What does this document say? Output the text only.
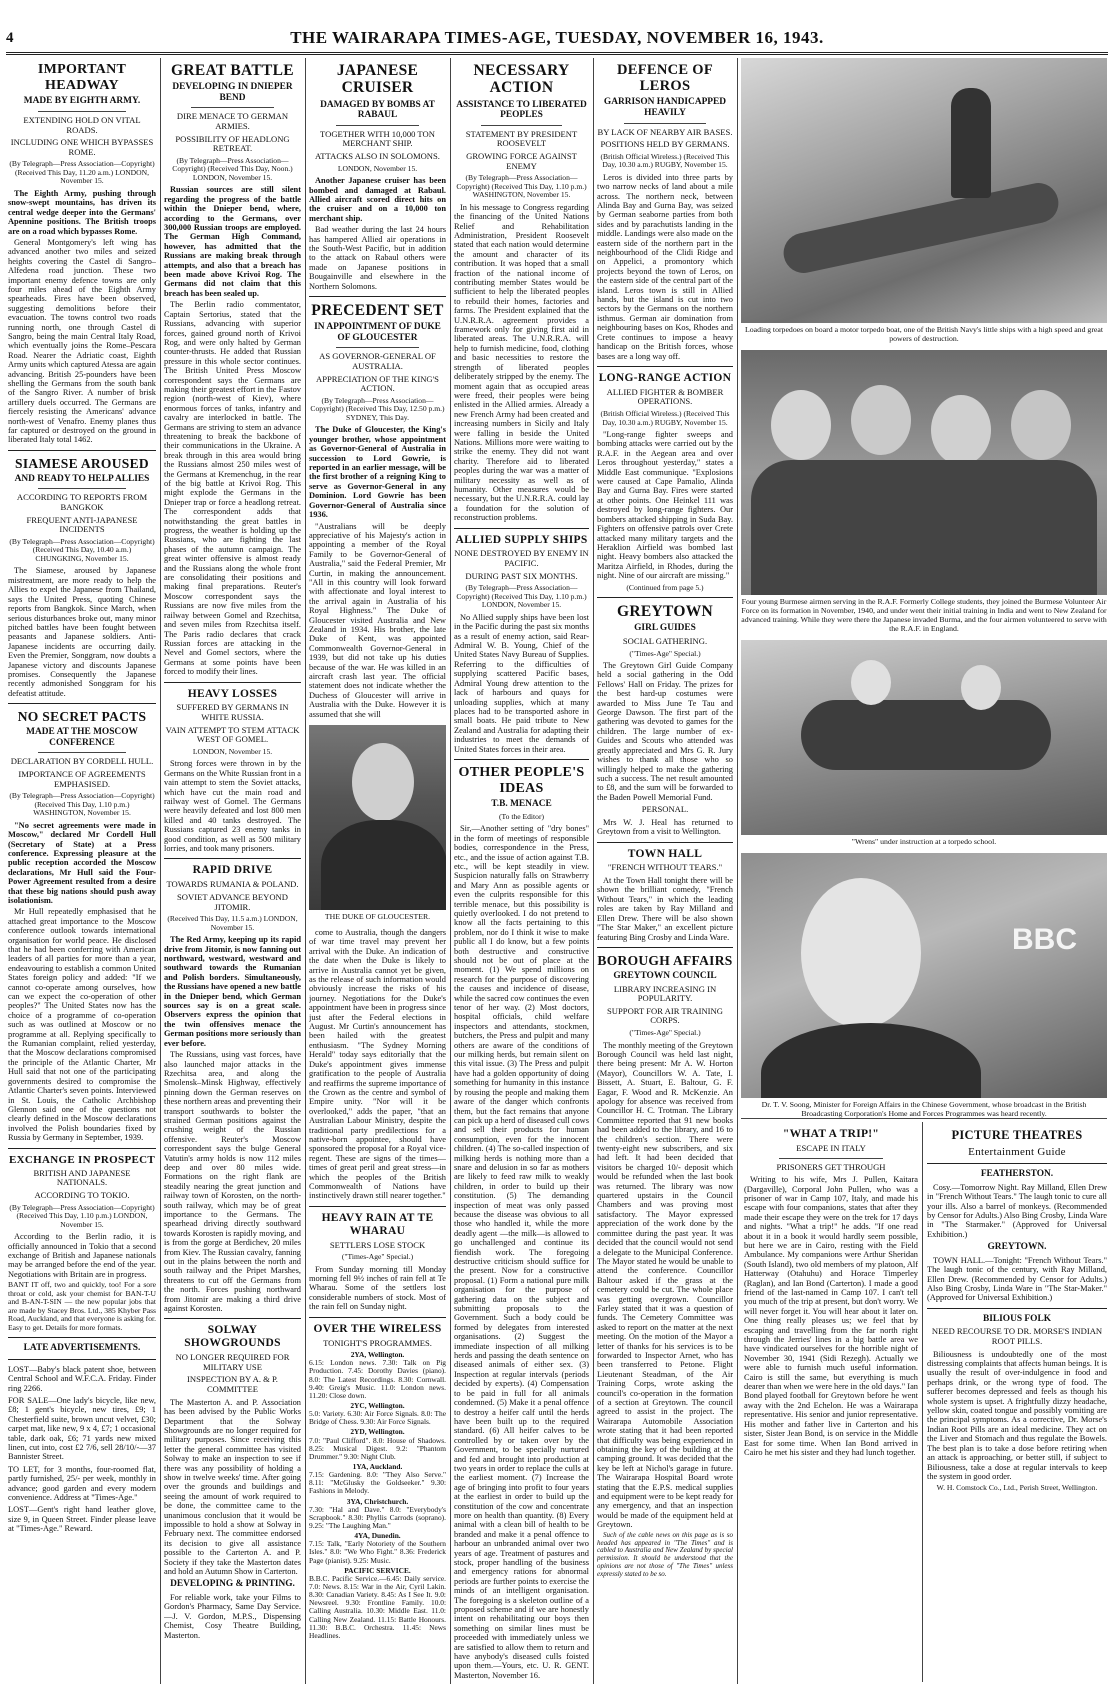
4	THE WAIRARAPA TIMES-AGE, TUESDAY, NOVEMBER 16, 1943.
IMPORTANT HEADWAY
MADE BY EIGHTH ARMY.
EXTENDING HOLD ON VITAL ROADS.
INCLUDING ONE WHICH BYPASSES ROME.
(By Telegraph—Press Association—Copyright) (Received This Day, 11.20 a.m.) LONDON, November 15.

The Eighth Army, pushing through snow-swept mountains, has driven its central wedge deeper into the Germans' Apennine positions. The British troops are on a road which bypasses Rome.

General Montgomery's left wing has advanced another two miles and seized heights covering the Castel di Sangro–Alfedena road junction. These two important enemy defence towns are only four miles ahead of the Eighth Army spearheads. Fires have been observed, suggesting demolitions before their evacuation. The towns control two roads running north, one through Castel di Sangro, being the main Central Italy Road, which eventually joins the Rome–Pescara Road. Nearer the Adriatic coast, Eighth Army units which captured Atessa are again advancing. British 25-pounders have been shelling the Germans from the south bank of the Sangro River. A number of brisk artillery duels occurred. The Germans are fiercely resisting the Americans' advance north-west of Venafro. Enemy planes thus far captured or destroyed on the ground in liberated Italy total 1462.

SIAMESE AROUSED
AND READY TO HELP ALLIES
ACCORDING TO REPORTS FROM BANGKOK
FREQUENT ANTI-JAPANESE INCIDENTS
(By Telegraph—Press Association—Copyright) (Received This Day, 10.40 a.m.) CHUNGKING, November 15.

The Siamese, aroused by Japanese mistreatment, are more ready to help the Allies to expel the Japanese from Thailand, says the United Press, quoting Chinese reports from Bangkok. Since March, when serious disturbances broke out, many minor pitched battles have been fought between peasants and Japanese soldiers. Anti-Japanese incidents are occurring daily. Even the Premier, Songgram, now doubts a Japanese victory and discounts Japanese promises. Consequently the Japanese recently admonished Songgram for his defeatist attitude.

NO SECRET PACTS
MADE AT THE MOSCOW CONFERENCE
DECLARATION BY CORDELL HULL.
IMPORTANCE OF AGREEMENTS EMPHASISED.
(By Telegraph—Press Association—Copyright) (Received This Day, 1.10 p.m.) WASHINGTON, November 15.

"No secret agreements were made in Moscow," declared Mr Cordell Hull (Secretary of State) at a Press conference. Expressing pleasure at the public reception accorded the Moscow declarations, Mr Hull said the Four-Power Agreement resulted from a desire that these big nations should push away isolationism.

Mr Hull repeatedly emphasised that he attached great importance to the Moscow conference outlook towards international organisation for world peace. He disclosed that he had been conferring with American leaders of all parties for more than a year, endeavouring to establish a common United States foreign policy and added: "If we cannot co-operate among ourselves, how can we expect the co-operation of other peoples?" The United States now has the choice of a programme of co-operation such as was outlined at Moscow or no programme at all. Replying specifically to the Rumanian complaint, relied yesterday, that the Moscow declarations compromised the principle of the Atlantic Charter, Mr Hull said that not one of the participating governments desired to compromise the Atlantic Charter's seven points. Interviewed in St. Louis, the Catholic Archbishop Glennon said one of the questions not clearly defined in the Moscow declarations involved the Polish boundaries fixed by Russia by Germany in September, 1939.

EXCHANGE IN PROSPECT
BRITISH AND JAPANESE NATIONALS.
ACCORDING TO TOKIO.
(By Telegraph—Press Association—Copyright) (Received This Day, 1.10 p.m.) LONDON, November 15.

According to the Berlin radio, it is officially announced in Tokio that a second exchange of British and Japanese nationals may be arranged before the end of the year. Negotiations with Britain are in progress.

BANT IT off, two and quickly, too! For a sore throat or cold, ask your chemist for BAN-T-U and B-AN-T-SIN — the new popular jobs that are made by Stacey Bros. Ltd., 385 Khyber Pass Road, Auckland, and that everyone is asking for. Easy to get. Details for more formats.

LATE ADVERTISEMENTS.

LOST—Baby's black patent shoe, between Central School and W.F.C.A. Friday. Finder ring 2266.

FOR SALE—One lady's bicycle, like new, £8; 1 gent's bicycle, new tires, £9; 1 Chesterfield suite, brown uncut velvet, £30; carpet mat, like new, 9 x 4, £7; 1 occasional table, dark oak, £6; 71 yards new mixed linen, cut into, cost £2 7/6, sell 28/10/-—37 Bannister Street.

TO LET, for 3 months, four-roomed flat, partly furnished, 25/- per week, monthly in advance; good garden and every modern convenience. Address at "Times-Age."

LOST—Gent's right hand leather glove, size 9, in Queen Street. Finder please leave at "Times-Age." Reward.

GREAT BATTLE
DEVELOPING IN DNIEPER BEND
DIRE MENACE TO GERMAN ARMIES.
POSSIBILITY OF HEADLONG RETREAT.
(By Telegraph—Press Association—Copyright) (Received This Day, Noon.) LONDON, November 15.

Russian sources are still silent regarding the progress of the battle within the Dnieper bend, where, according to the Germans, over 300,000 Russian troops are employed. The German High Command, however, has admitted that the Russians are making break through attempts, and also that a breach has been made above Krivoi Rog. The Germans did not claim that this breach has been sealed up.

The Berlin radio commentator, Captain Sertorius, stated that the Russians, advancing with superior forces, gained ground north of Krivoi Rog, and were only halted by German counter-thrusts. He added that Russian pressure in this whole sector continues. The British United Press Moscow correspondent says the Germans are making their greatest effort in the Fastov region (north-west of Kiev), where enormous forces of tanks, infantry and cavalry are interlocked in battle. The Germans are striving to stem an advance threatening to break the backbone of their communications in the Ukraine. A break through in this area would bring the Russians almost 250 miles west of the Germans at Kremenchug, in the rear of the big battle at Krivoi Rog. This might explode the Germans in the Dnieper trap or force a headlong retreat. The correspondent adds that notwithstanding the great battles in progress, the weather is holding up the Russians, who are fighting the last phases of the autumn campaign. The great winter offensive is almost ready and the Russians along the whole front are consolidating their positions and making final preparations. Reuter's Moscow correspondent says the Russians are now five miles from the railway between Gomel and Rzechitsa, and seven miles from Rzechitsa itself. The Paris radio declares that crack Russian forces are attacking in the Nevel and Gomel sectors, where the Germans at some points have been forced to modify their lines.

HEAVY LOSSES
SUFFERED BY GERMANS IN WHITE RUSSIA.
VAIN ATTEMPT TO STEM ATTACK WEST OF GOMEL.
LONDON, November 15.

Strong forces were thrown in by the Germans on the White Russian front in a vain attempt to stem the Soviet attacks, which have cut the main road and railway west of Gomel. The Germans were heavily defeated and lost 800 men killed and 40 tanks destroyed. The Russians captured 23 enemy tanks in good condition, as well as 500 military lorries, and took many prisoners.

RAPID DRIVE
TOWARDS RUMANIA & POLAND.
SOVIET ADVANCE BEYOND JITOMIR.
(Received This Day, 11.5 a.m.) LONDON, November 15.

The Red Army, keeping up its rapid drive from Jitomir, is now fanning out northward, westward, westward and southward towards the Rumanian and Polish borders. Simultaneously, the Russians have opened a new battle in the Dnieper bend, which German sources say is on a great scale. Observers express the opinion that the twin offensives menace the German positions more seriously than ever before.

The Russians, using vast forces, have also launched major attacks in the Rzechitsa area, and along the Smolensk–Minsk Highway, effectively pinning down the German reserves on these northern areas and preventing their transport southwards to bolster the strained German positions against the crushing weight of the Russian offensive. Reuter's Moscow correspondent says the bulge General Vatutin's army holds is now 112 miles deep and over 80 miles wide. Formations on the right flank are steadily nearing the great junction and railway town of Korosten, on the north-south railway, which may be of great importance to the Germans. The spearhead driving directly southward towards Korosten is rapidly moving, and is from the gorge at Berdichev, 20 miles from Kiev. The Russian cavalry, fanning out in the plains between the north and south railway and the Pripet Marshes, threatens to cut off the Germans from the north. Forces pushing northward from Jitomir are making a third drive against Korosten.

SOLWAY SHOWGROUNDS
NO LONGER REQUIRED FOR MILITARY USE
INSPECTION BY A. & P. COMMITTEE

The Masterton A. and P. Association has been advised by the Public Works Department that the Solway Showgrounds are no longer required for military purposes. Since receiving this letter the general committee has visited Solway to make an inspection to see if there was any possibility of holding a show in twelve weeks' time. After going over the grounds and buildings and seeing the amount of work required to be done, the committee came to the unanimous conclusion that it would be impossible to hold a show at Solway in February next. The committee endorsed its decision to give all assistance possible to the Carterton A. and P. Society if they take the Masterton dates and hold an Autumn Show in Carterton.

DEVELOPING & PRINTING.

For reliable work, take your Films to Gordon's Pharmacy, Same Day Service.—J. V. Gordon, M.P.S., Dispensing Chemist, Cosy Theatre Building, Masterton.

JAPANESE CRUISER
DAMAGED BY BOMBS AT RABAUL
TOGETHER WITH 10,000 TON MERCHANT SHIP.
ATTACKS ALSO IN SOLOMONS.
LONDON, November 15.

Another Japanese cruiser has been bombed and damaged at Rabaul. Allied aircraft scored direct hits on the cruiser and on a 10,000 ton merchant ship.

Bad weather during the last 24 hours has hampered Allied air operations in the South-West Pacific, but in addition to the attack on Rabaul others were made on Japanese positions in Bougainville and elsewhere in the Northern Solomons.

PRECEDENT SET
IN APPOINTMENT OF DUKE OF GLOUCESTER
AS GOVERNOR-GENERAL OF AUSTRALIA.
APPRECIATION OF THE KING'S ACTION.
(By Telegraph—Press Association—Copyright) (Received This Day, 12.50 p.m.) SYDNEY, This Day.

The Duke of Gloucester, the King's younger brother, whose appointment as Governor-General of Australia in succession to Lord Gowrie, is reported in an earlier message, will be the first brother of a reigning King to serve as Governor-General in any Dominion. Lord Gowrie has been Governor-General of Australia since 1936.

"Australians will be deeply appreciative of his Majesty's action in appointing a member of the Royal Family to be Governor-General of Australia," said the Federal Premier, Mr Curtin, in making the announcement. "All in this country will look forward with affectionate and loyal interest to the arrival again in Australia of his Royal Highness." The Duke of Gloucester visited Australia and New Zealand in 1934. His brother, the late Duke of Kent, was appointed Commonwealth Governor-General in 1939, but did not take up his duties because of the war. He was killed in an aircraft crash last year. The official statement does not indicate whether the Duchess of Gloucester will arrive in Australia with the Duke. However it is assumed that she will

THE DUKE OF GLOUCESTER.

come to Australia, though the dangers of war time travel may prevent her arrival with the Duke. An indication of the date when the Duke is likely to arrive in Australia cannot yet be given, as the release of such information would obviously increase the risks of his journey. Negotiations for the Duke's appointment have been in progress since just after the Federal elections in August. Mr Curtin's announcement has been hailed with the greatest enthusiasm. "The Sydney Morning Herald" today says editorially that the Duke's appointment gives immense gratification to the people of Australia and reaffirms the supreme importance of the Crown as the centre and symbol of Empire unity. "Nor will it be overlooked," adds the paper, "that an Australian Labour Ministry, despite the traditional party predilections for a native-born appointee, should have sponsored the proposal for a Royal vice-regent. These are signs of the times—times of great peril and great stress—in which the peoples of the British Commonwealth of Nations have instinctively drawn still nearer together."

HEAVY RAIN AT TE WHARAU
SETTLERS LOSE STOCK
("Times-Age" Special.)

From Sunday morning till Monday morning fell 9½ inches of rain fell at Te Wharau. Some of the settlers lost considerable numbers of stock. Most of the rain fell on Sunday night.

OVER THE WIRELESS
TONIGHT'S PROGRAMMES.
2YA, Wellington.
6.15: London news. 7.30: Talk on Pig Production. 7.45: Dorothy Davies (piano). 8.0: The Latest Recordings. 8.30: Cornwall. 9.40: Greig's Music. 11.0: London news. 11.20: Close down.
2YC, Wellington.
5.0: Variety. 6.30: Air Force Signals. 8.0: The Bridge of Chess. 9.30: Air Force Signals.
2YD, Wellington.
7.0: "Paul Clifford". 8.0: House of Shadows. 8.25: Musical Digest. 9.2: "Phantom Drummer." 9.30: Night Club.
1YA, Auckland.
7.15: Gardening. 8.0: "They Also Serve." 8.11: "McGlusky the Goldseeker." 9.30: Fashions in Melody.
3YA, Christchurch.
7.30: "Hal and Dave." 8.0: "Everybody's Scrapbook." 8.30: Phyllis Carrods (soprano). 9.25: "The Laughing Man."
4YA, Dunedin.
7.15: Talk, "Early Notoriety of the Southern Isles." 8.0: "We Who Fight." 8.36: Frederick Page (pianist). 9.25: Music.
PACIFIC SERVICE.
B.B.C. Pacific Service.—6.45: Daily service. 7.0: News. 8.15: War in the Air, Cyril Lakin. 8.30: Canadian Variety. 8.45: As I See It. 9.0: Newsreel. 9.30: Frontline Family. 10.0: Calling Australia. 10.30: Middle East. 11.0: Calling New Zealand. 11.15: Battle Honours. 11.30: B.B.C. Orchestra. 11.45: News Headlines.
NECESSARY ACTION
ASSISTANCE TO LIBERATED PEOPLES
STATEMENT BY PRESIDENT ROOSEVELT
GROWING FORCE AGAINST ENEMY
(By Telegraph—Press Association—Copyright) (Received This Day, 1.10 p.m.) WASHINGTON, November 15.

In his message to Congress regarding the financing of the United Nations Relief and Rehabilitation Administration, President Roosevelt stated that each nation would determine the amount and character of its contribution. It was hoped that a small fraction of the national income of contributing member States would be sufficient to help the liberated peoples to rebuild their homes, factories and farms. The President explained that the U.N.R.R.A. agreement provides a framework only for giving first aid in liberated areas. The U.N.R.R.A. will help to furnish medicine, food, clothing and basic necessities to restore the strength of liberated peoples deliberately stripped by the enemy. The moment again that as occupied areas were freed, their peoples were being enlisted in the Allied armies. Already a new French Army had been created and increasing numbers in Sicily and Italy were falling in beside the United Nations. Millions more were waiting to strike the enemy. They did not want charity. Therefore aid to liberated peoples during the war was a matter of military necessity as well as of humanity. Other measures would be necessary, but the U.N.R.R.A. could lay a foundation for the solution of reconstruction problems.

ALLIED SUPPLY SHIPS
NONE DESTROYED BY ENEMY IN PACIFIC.
DURING PAST SIX MONTHS.
(By Telegraph—Press Association—Copyright) (Received This Day, 1.10 p.m.) LONDON, November 15.

No Allied supply ships have been lost in the Pacific during the past six months as a result of enemy action, said Rear-Admiral W. B. Young, Chief of the United States Navy Bureau of Supplies. Referring to the difficulties of supplying scattered Pacific bases, Admiral Young drew attention to the lack of harbours and quays for unloading supplies, which at many places had to be transported ashore in small boats. He paid tribute to New Zealand and Australia for adapting their industries to meet the demands of United States forces in their area.

OTHER PEOPLE'S IDEAS
T.B. MENACE
(To the Editor)

Sir,—Another setting of "dry bones" in the form of meetings of responsible bodies, correspondence in the Press, etc., and the issue of action against T.B. etc., will be kept steadily in view. Suspicion naturally falls on Strawberry and Mary Ann as possible agents or even the culprits responsible for this terrible menace, but this possibility is quietly overlooked. I do not pretend to know all the facts pertaining to this problem, nor do I think it wise to make public all I do know, but a few points both destructive and constructive should not be out of place at the moment. (1) We spend millions on research for the purpose of discovering the causes and incidence of disease, while the sacred cow continues the even tenor of her way. (2) Most doctors, hospital officials, child welfare inspectors and attendants, stockmen, butchers, the Press and pulpit and many others are aware of the conditions of our milking herds, but remain silent on this vital issue. (3) The Press and pulpit have had a golden opportunity of doing something for humanity in this instance by rousing the people and making them aware of the danger which confronts them, but the fact remains that anyone can pick up a herd of diseased cull cows and sell their products for human consumption, even for the innocent children. (4) The so-called inspection of milking herds is nothing more than a snare and delusion in so far as mothers are likely to feed raw milk to weakly children, in order to build up their constitution. (5) The demanding inspection of meat was only passed because the disease was obvious to all those who handled it, while the more deadly agent —the milk—is allowed to go unchallenged and continue its fiendish work. The foregoing destructive criticism should suffice for the present. Now for a constructive proposal. (1) Form a national pure milk organisation for the purpose of gathering data on the subject and submitting proposals to the Government. Such a body could be formed by delegates from interested organisations. (2) Suggest the immediate inspection of all milking herds and passing the death sentence on diseased animals of either sex. (3) Inspection at regular intervals (periods decided by experts). (4) Compensation to be paid in full for all animals condemned. (5) Make it a penal offence to destroy a heifer calf until the herds have been built up to the required standard. (6) All heifer calves to be controlled by or taken over by the Government, to be specially nurtured and fed and brought into production at two years in order to replace the culls at the earliest moment. (7) Increase the age of bringing into profit to four years at the earliest in order to build up the constitution of the cow and concentrate more on health than quantity. (8) Every animal with a clean bill of health to be branded and make it a penal offence to harbour an unbranded animal over two years of age. Treatment of pastures and stock, proper handling of the business and emergency rations for abnormal periods are further points to exercise the minds of an intelligent organisation. The foregoing is a skeleton outline of a proposed scheme and if we are honestly intent on rehabilitating our boys then something on similar lines must be proceeded with immediately unless we are satisfied to allow them to return and have anybody's diseased culls foisted upon them.—Yours, etc. U. R. GENT. Masterton, November 16.

DEFENCE OF LEROS
GARRISON HANDICAPPED HEAVILY
BY LACK OF NEARBY AIR BASES.
POSITIONS HELD BY GERMANS.
(British Official Wireless.) (Received This Day, 10.30 a.m.) RUGBY, November 15.

Leros is divided into three parts by two narrow necks of land about a mile across. The northern neck, between Alinda Bay and Gurna Bay, was seized by German seaborne parties from both sides and by parachutists landing in the middle. Landings were also made on the eastern side of the northern part in the neighbourhood of the Clidi Ridge and on Appelici, a promontory which projects beyond the town of Leros, on the eastern side of the central part of the island. Leros town is still in Allied hands, but the island is cut into two sectors by the Germans on the northern isthmus. German air domination from neighbouring bases on Kos, Rhodes and Crete continues to impose a heavy handicap on the British forces, whose bases are a long way off.

LONG-RANGE ACTION
ALLIED FIGHTER & BOMBER OPERATIONS.
(British Official Wireless.) (Received This Day, 10.30 a.m.) RUGBY, November 15.

"Long-range fighter sweeps and bombing attacks were carried out by the R.A.F. in the Aegean area and over Leros throughout yesterday," states a Middle East communique. "Explosions were caused at Cape Pamalio, Alinda Bay and Gurna Bay. Fires were started at other points. One Heinkel 111 was destroyed by long-range fighters. Our bombers attacked shipping in Suda Bay. Fighters on offensive patrols over Crete attacked many military targets and the Heraklion Airfield was bombed last night. Heavy bombers also attacked the Maritza Airfield, in Rhodes, during the night. Nine of our aircraft are missing."

(Continued from page 5.)
GREYTOWN
GIRL GUIDES
SOCIAL GATHERING.
("Times-Age" Special.)

The Greytown Girl Guide Company held a social gathering in the Odd Fellows' Hall on Friday. The prizes for the best hard-up costumes were awarded to Miss June Te Tau and George Dawson. The first part of the gathering was devoted to games for the children. The large number of ex-Guides and Scouts who attended was greatly appreciated and Mrs G. R. Jury wishes to thank all those who so willingly helped to make the gathering such a success. The net result amounted to £8, and the sum will be forwarded to the Baden Powell Memorial Fund.

PERSONAL.

Mrs W. J. Heal has returned to Greytown from a visit to Wellington.

TOWN HALL
"FRENCH WITHOUT TEARS."

At the Town Hall tonight there will be shown the brilliant comedy, "French Without Tears," in which the leading roles are taken by Ray Milland and Ellen Drew. There will be also shown "The Star Maker," an excellent picture featuring Bing Crosby and Linda Ware.

BOROUGH AFFAIRS
GREYTOWN COUNCIL
LIBRARY INCREASING IN POPULARITY.
SUPPORT FOR AIR TRAINING CORPS.
("Times-Age" Special.)

The monthly meeting of the Greytown Borough Council was held last night, there being present: Mr A. W. Horton (Mayor), Councillors W. A. Tate, I. Bissett, A. Stuart, E. Baltour, G. F. Eagar, F. Wood and R. McKenzie. An apology for absence was received from Councillor H. C. Trotman. The Library Committee reported that 91 new books had been added to the library, and 16 to the children's section. There were twenty-eight new subscribers, and six had left. It had been decided that visitors be charged 10/- deposit which would be refunded when the last book was returned. The library was now quartered upstairs in the Council Chambers and was proving most satisfactory. The Mayor expressed appreciation of the work done by the committee during the past year. It was decided that the council would not send a delegate to the Municipal Conference. The Mayor stated he would be unable to attend the conference. Councillor Baltour asked if the grass at the cemetery could be cut. The whole place was getting overgrown. Councillor Farley stated that it was a question of funds. The Cemetery Committee was asked to report on the matter at the next meeting. On the motion of the Mayor a letter of thanks for his services is to be forwarded to Inspector Arnet, who has been transferred to Petone. Flight Lieutenant Steadman, of the Air Training Corps, wrote asking the council's co-operation in the formation of a section at Greytown. The council agreed to assist in the project. The Wairarapa Automobile Association wrote stating that it had been reported that difficulty was being experienced in obtaining the key of the building at the camping ground. It was decided that the key be left at Nichol's garage in future. The Wairarapa Hospital Board wrote stating that the E.P.S. medical supplies and equipment were to be kept ready for any emergency, and that an inspection would be made of the equipment held at Greytown.

Such of the cable news on this page as is so headed has appeared in "The Times" and is cabled to Australia and New Zealand by special permission. It should be understood that the opinions are not those of "The Times" unless expressly stated to be so.

Loading torpedoes on board a motor torpedo boat, one of the British Navy's little ships with a high speed and great powers of destruction.
Four young Burmese airmen serving in the R.A.F. Formerly College students, they joined the Burmese Volunteer Air Force on its formation in November, 1940, and under went their initial training in India and went to New Zealand for advanced training. While they were there the Japanese invaded Burma, and the four airmen volunteered to serve with the R.A.F. in England.
"Wrens" under instruction at a torpedo school.
BBC
Dr. T. V. Soong, Minister for Foreign Affairs in the Chinese Government, whose broadcast in the British Broadcasting Corporation's Home and Forces Programmes was heard recently.
"WHAT A TRIP!"
ESCAPE IN ITALY
PRISONERS GET THROUGH

Writing to his wife, Mrs J. Pullen, Kaitara (Dargaville), Corporal John Pullen, who was a prisoner of war in Camp 107, Italy, and made his escape with four companions, states that after they made their escape they were on the trek for 17 days and nights. "What a trip!" he adds. "If one read about it in a book it would hardly seem possible, but here we are in Cairo, resting with the Field Ambulance. My companions were Arthur Sheridan (South Island), two old members of my platoon, Alf Hatterway (Otahuhu) and Horace Timperley (Raglan), and Ian Bond (Carterton). I made a good friend of the last-named in Camp 107. I can't tell you much of the trip at present, but don't worry. We will never forget it. You will hear about it later on. One thing really pleases us; we feel that by escaping and travelling from the far north right through the Jerries' lines in a big battle area we have vindicated ourselves for the horrible night of November 30, 1941 (Sidi Rezegh). Actually we were able to furnish much useful information. Cairo is still the same, but everything is much dearer than when we were here in the old days." Ian Bond played football for Greytown before he went away with the 2nd Echelon. He was a Wairarapa representative. His senior and junior representative. His mother and father live in Carterton and his sister, Sister Jean Bond, is on service in the Middle East for some time. When Ian Bond arrived in Cairo he met his sister and they had lunch together.

PICTURE THEATRES
Entertainment Guide
FEATHERSTON.

Cosy.—Tomorrow Night. Ray Milland, Ellen Drew in "French Without Tears." The laugh tonic to cure all your ills. Also a barrel of monkeys. (Recommended by Censor for Adults.) Also Bing Crosby, Linda Ware in "The Starmaker." (Approved for Universal Exhibition.)

GREYTOWN.

TOWN HALL.—Tonight: "French Without Tears." The laugh tonic of the century, with Ray Milland, Ellen Drew. (Recommended by Censor for Adults.) Also Bing Crosby, Linda Ware in "The Star-Maker." (Approved for Universal Exhibition.)

BILIOUS FOLK
NEED RECOURSE TO DR. MORSE'S INDIAN ROOT PILLS.

Biliousness is undoubtedly one of the most distressing complaints that affects human beings. It is usually the result of over-indulgence in food and perhaps drink, or the wrong type of food. The sufferer becomes depressed and feels as though his whole system is upset. A frightfully dizzy headache, yellow skin, coated tongue and possibly vomiting are the principal symptoms. As a corrective, Dr. Morse's Indian Root Pills are an ideal medicine. They act on the Liver and Stomach and thus regulate the Bowels. The best plan is to take a dose before retiring when an attack is approaching, or better still, if subject to Biliousness, take a dose at regular intervals to keep the system in good order.

W. H. Comstock Co., Ltd., Perish Street, Wellington.
